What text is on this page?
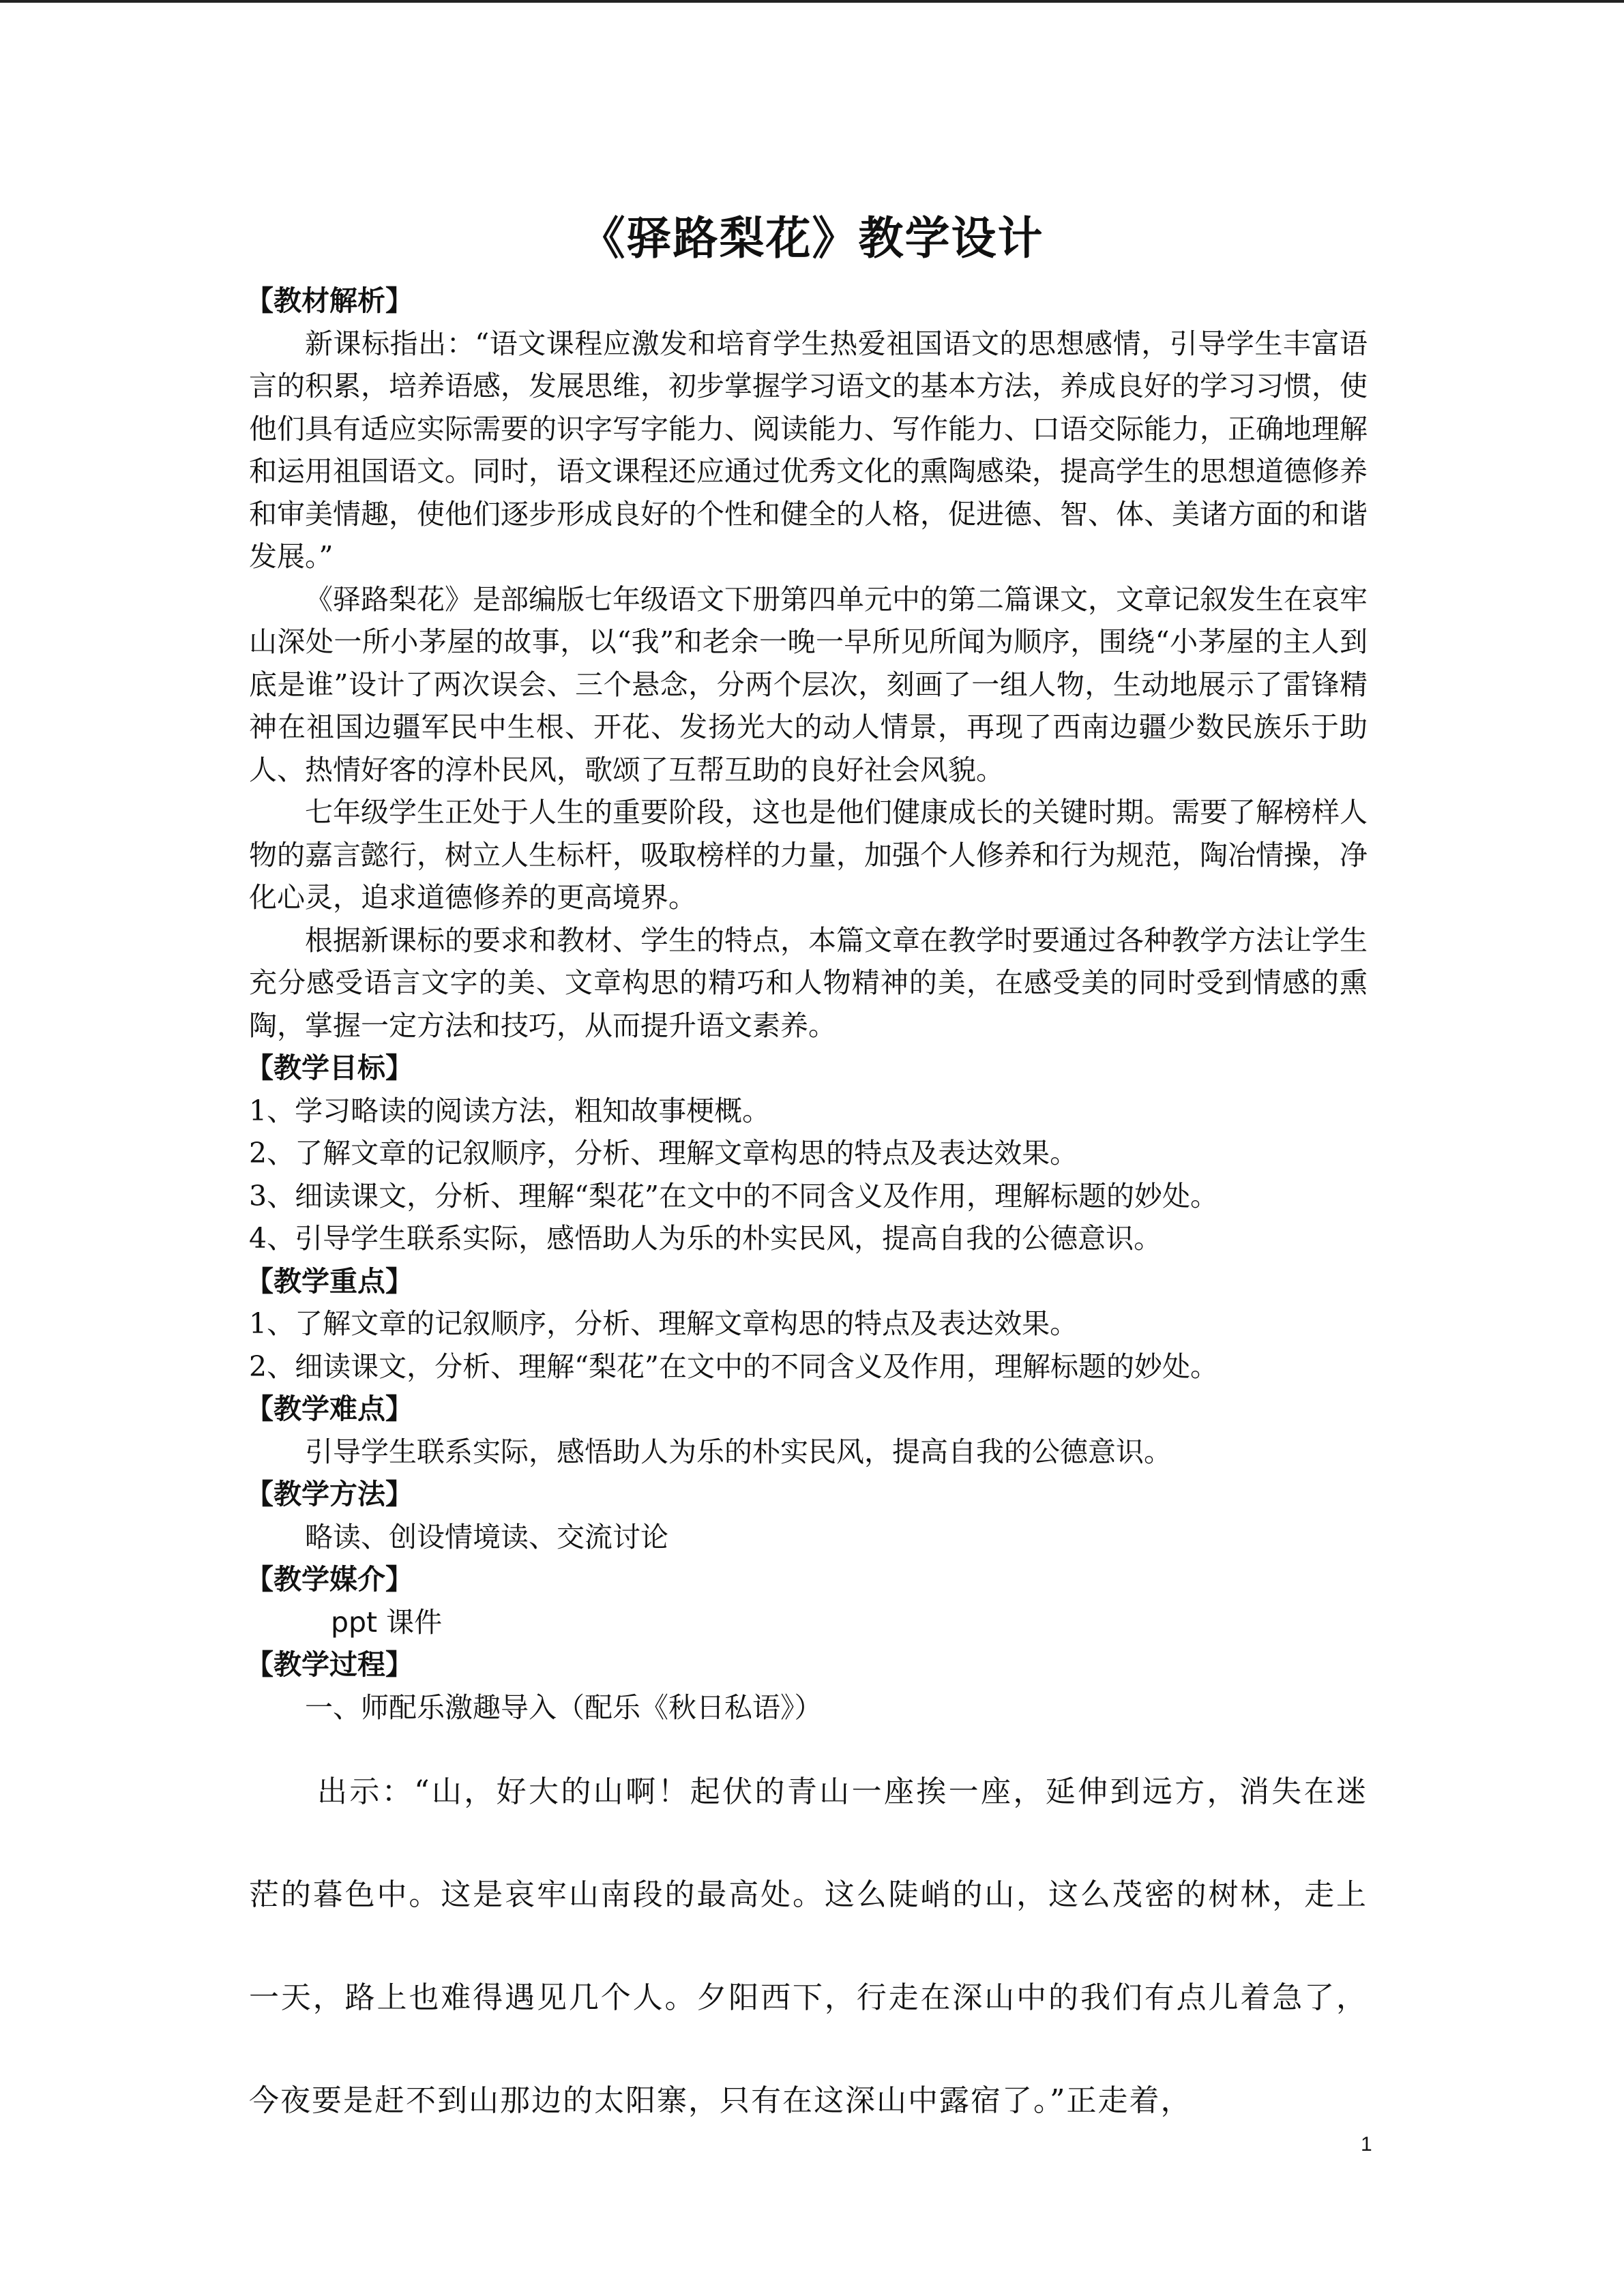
《驿路梨花》教学设计
【教材解析】

新课标指出：“语文课程应激发和培育学生热爱祖国语文的思想感情，引导学生丰富语言的积累，培养语感，发展思维，初步掌握学习语文的基本方法，养成良好的学习习惯，使他们具有适应实际需要的识字写字能力、阅读能力、写作能力、口语交际能力，正确地理解和运用祖国语文。同时，语文课程还应通过优秀文化的熏陶感染，提高学生的思想道德修养和审美情趣，使他们逐步形成良好的个性和健全的人格，促进德、智、体、美诸方面的和谐发展。”

《驿路梨花》是部编版七年级语文下册第四单元中的第二篇课文，文章记叙发生在哀牢山深处一所小茅屋的故事，以“我”和老余一晚一早所见所闻为顺序，围绕“小茅屋的主人到底是谁”设计了两次误会、三个悬念，分两个层次，刻画了一组人物，生动地展示了雷锋精神在祖国边疆军民中生根、开花、发扬光大的动人情景，再现了西南边疆少数民族乐于助人、热情好客的淳朴民风，歌颂了互帮互助的良好社会风貌。

七年级学生正处于人生的重要阶段，这也是他们健康成长的关键时期。需要了解榜样人物的嘉言懿行，树立人生标杆，吸取榜样的力量，加强个人修养和行为规范，陶冶情操，净化心灵，追求道德修养的更高境界。

根据新课标的要求和教材、学生的特点，本篇文章在教学时要通过各种教学方法让学生充分感受语言文字的美、文章构思的精巧和人物精神的美，在感受美的同时受到情感的熏陶，掌握一定方法和技巧，从而提升语文素养。

【教学目标】

1、学习略读的阅读方法，粗知故事梗概。

2、了解文章的记叙顺序，分析、理解文章构思的特点及表达效果。

3、细读课文，分析、理解“梨花”在文中的不同含义及作用，理解标题的妙处。

4、引导学生联系实际，感悟助人为乐的朴实民风，提高自我的公德意识。

【教学重点】

1、了解文章的记叙顺序，分析、理解文章构思的特点及表达效果。

2、细读课文，分析、理解“梨花”在文中的不同含义及作用，理解标题的妙处。

【教学难点】

引导学生联系实际，感悟助人为乐的朴实民风，提高自我的公德意识。

【教学方法】

略读、创设情境读、交流讨论

【教学媒介】

ppt 课件

【教学过程】

一、师配乐激趣导入（配乐《秋日私语》）

出示：“山，好大的山啊！起伏的青山一座挨一座，延伸到远方，消失在迷茫的暮色中。这是哀牢山南段的最高处。这么陡峭的山，这么茂密的树林，走上一天，路上也难得遇见几个人。夕阳西下，行走在深山中的我们有点儿着急了，今夜要是赶不到山那边的太阳寨，只有在这深山中露宿了。”正走着，

1
